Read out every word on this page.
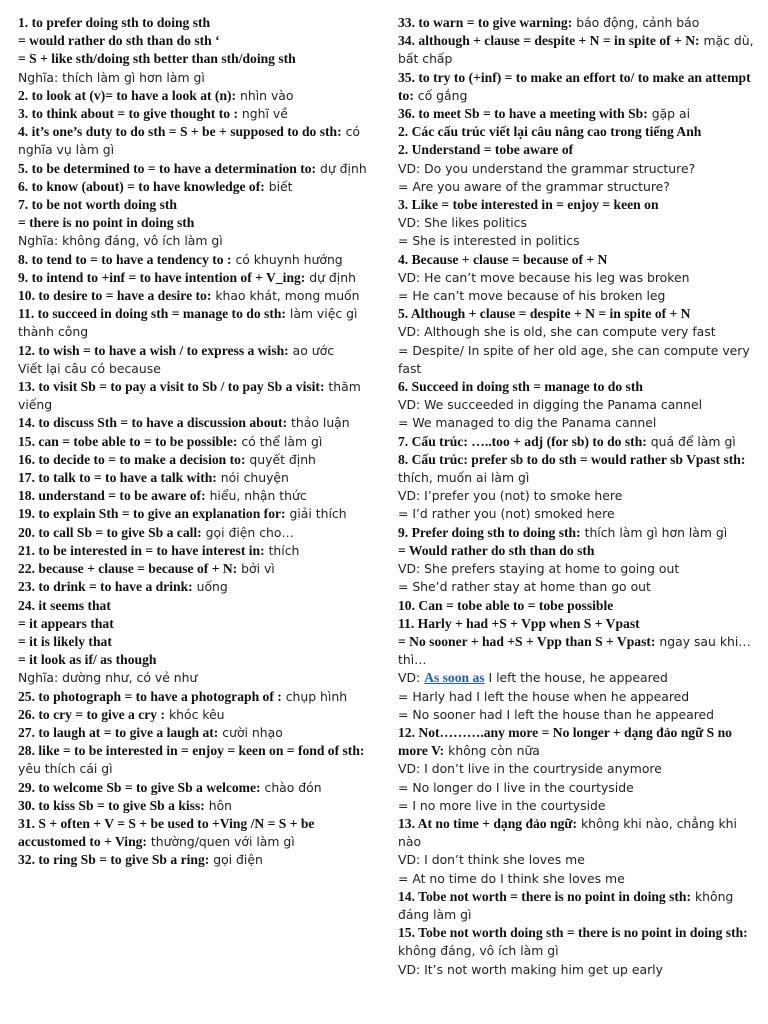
1. to prefer doing sth to doing sth

= would rather do sth than do sth ‘

= S + like sth/doing sth better than sth/doing sth

Nghĩa: thích làm gì hơn làm gì

2. to look at (v)= to have a look at (n): nhìn vào

3. to think about = to give thought to : nghĩ về

4. it’s one’s duty to do sth = S + be + supposed to do sth: có nghĩa vụ làm gì

5. to be determined to = to have a determination to: dự định

6. to know (about) = to have knowledge of: biết

7. to be not worth doing sth

= there is no point in doing sth

Nghĩa: không đáng, vô ích làm gì

8. to tend to = to have a tendency to : có khuynh hướng

9. to intend to +inf = to have intention of + V_ing: dự định

10. to desire to = have a desire to: khao khát, mong muốn

11. to succeed in doing sth = manage to do sth: làm việc gì thành công

12. to wish = to have a wish / to express a wish: ao ước

Viết lại câu có because

13. to visit Sb = to pay a visit to Sb / to pay Sb a visit: thăm viếng

14. to discuss Sth = to have a discussion about: thảo luận

15. can = tobe able to = to be possible: có thể làm gì

16. to decide to = to make a decision to: quyết định

17. to talk to = to have a talk with: nói chuyện

18. understand = to be aware of: hiểu, nhận thức

19. to explain Sth = to give an explanation for: giải thích

20. to call Sb = to give Sb a call: gọi điện cho…

21. to be interested in = to have interest in: thích

22. because + clause = because of + N: bởi vì

23. to drink = to have a drink: uống

24. it seems that

= it appears that

= it is likely that

= it look as if/ as though

Nghĩa: dường như, có vẻ như

25. to photograph = to have a photograph of : chụp hình

26. to cry = to give a cry : khóc kêu

27. to laugh at = to give a laugh at: cười nhạo

28. like = to be interested in = enjoy = keen on = fond of sth: yêu thích cái gì

29. to welcome Sb = to give Sb a welcome: chào đón

30. to kiss Sb = to give Sb a kiss: hôn

31. S + often + V = S + be used to +Ving /N = S + be accustomed to + Ving: thường/quen với làm gì

32. to ring Sb = to give Sb a ring: gọi điện

33. to warn = to give warning: báo động, cảnh báo

34. although + clause = despite + N = in spite of + N: mặc dù, bất chấp

35. to try to (+inf) = to make an effort to/ to make an attempt to: cố gắng

36. to meet Sb = to have a meeting with Sb: gặp ai

2. Các cấu trúc viết lại câu nâng cao trong tiếng Anh

2. Understand = tobe aware of

VD: Do you understand the grammar structure?

= Are you aware of the grammar structure?

3. Like = tobe interested in = enjoy = keen on

VD: She likes politics

= She is interested in politics

4. Because + clause = because of + N

VD: He can’t move because his leg was broken

= He can’t move because of his broken leg

5. Although + clause = despite + N = in spite of + N

VD: Although she is old, she can compute very fast

= Despite/ In spite of her old age, she can compute very fast

6. Succeed in doing sth = manage to do sth

VD: We succeeded in digging the Panama cannel

= We managed to dig the Panama cannel

7. Cấu trúc: …..too + adj (for sb) to do sth: quá để làm gì

8. Cấu trúc: prefer sb to do sth = would rather sb Vpast sth: thích, muốn ai làm gì

VD: I’prefer you (not) to smoke here

= I’d rather you (not) smoked here

9. Prefer doing sth to doing sth: thích làm gì hơn làm gì

= Would rather do sth than do sth

VD: She prefers staying at home to going out

= She’d rather stay at home than go out

10. Can = tobe able to = tobe possible

11. Harly + had +S + Vpp when S + Vpast

= No sooner + had +S + Vpp than S + Vpast: ngay sau khi… thì…

VD: As soon as I left the house, he appeared

= Harly had I left the house when he appeared

= No sooner had I left the house than he appeared

12. Not……….any more = No longer + dạng đảo ngữ S no more V: không còn nữa

VD: I don’t live in the courtryside anymore

= No longer do I live in the courtyside

= I no more live in the courtyside

13. At no time + dạng đảo ngữ: không khi nào, chẳng khi nào

VD: I don’t think she loves me

= At no time do I think she loves me

14. Tobe not worth = there is no point in doing sth: không đáng làm gì

15. Tobe not worth doing sth = there is no point in doing sth: không đáng, vô ích làm gì

VD: It’s not worth making him get up early
